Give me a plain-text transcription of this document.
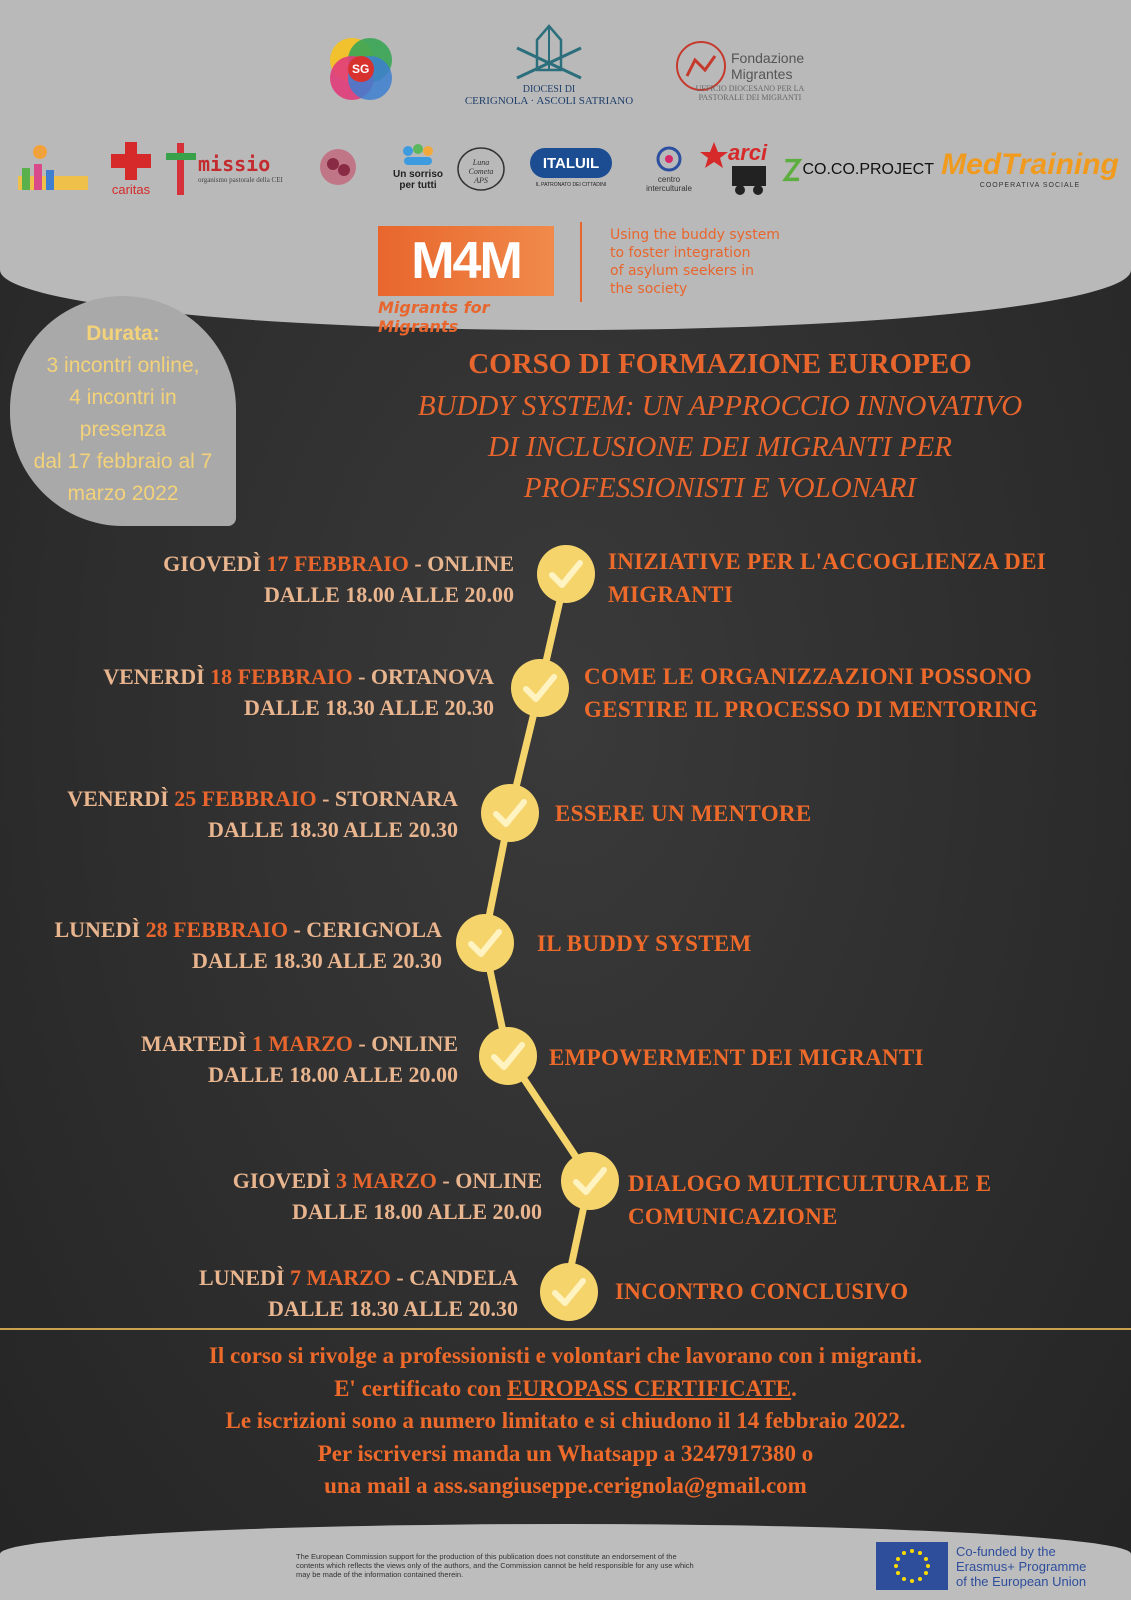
SG
DIOCESI DI
CERIGNOLA · ASCOLI SATRIANO
Fondazione
Migrantes
UFFICIO DIOCESANO PER LA
PASTORALE DEI MIGRANTI
caritas
missio
organismo pastorale della CEI	Un sorriso
per tutti
Luna Cometa APS
ITALUIL
IL PATRONATO DEI CITTADINI
centro interculturale
arci
CO.CO.PROJECT MedTraining
COOPERATIVA SOCIALE
M4M
Migrants for Migrants
Using the buddy system
to foster integration
of asylum seekers in
the society
Durata:
3 incontri online,
4 incontri in
presenza
dal 17 febbraio al 7
marzo 2022
CORSO DI FORMAZIONE EUROPEO
BUDDY SYSTEM: UN APPROCCIO INNOVATIVO
DI INCLUSIONE DEI MIGRANTI PER
PROFESSIONISTI E VOLONARI
GIOVEDÌ 17 FEBBRAIO - ONLINE
DALLE 18.00 ALLE 20.00
INIZIATIVE PER L'ACCOGLIENZA DEI
MIGRANTI
VENERDÌ 18 FEBBRAIO - ORTANOVA
DALLE 18.30 ALLE 20.30
COME LE ORGANIZZAZIONI POSSONO
GESTIRE IL PROCESSO DI MENTORING
VENERDÌ 25 FEBBRAIO - STORNARA
DALLE 18.30 ALLE 20.30
ESSERE UN MENTORE
LUNEDÌ 28 FEBBRAIO - CERIGNOLA
DALLE 18.30 ALLE 20.30
IL BUDDY SYSTEM
MARTEDÌ 1 MARZO - ONLINE
DALLE 18.00 ALLE 20.00
EMPOWERMENT DEI MIGRANTI
GIOVEDÌ 3 MARZO - ONLINE
DALLE 18.00 ALLE 20.00
DIALOGO MULTICULTURALE E
COMUNICAZIONE
LUNEDÌ 7 MARZO - CANDELA
DALLE 18.30 ALLE 20.30
INCONTRO CONCLUSIVO
Il corso si rivolge a professionisti e volontari che lavorano con i migranti.
E' certificato con EUROPASS CERTIFICATE.
Le iscrizioni sono a numero limitato e si chiudono il 14 febbraio 2022.
Per iscriversi manda un Whatsapp a 3247917380 o
una mail a ass.sangiuseppe.cerignola@gmail.com
The European Commission support for the production of this publication does not constitute an endorsement of the
contents which reflects the views only of the authors, and the Commission cannot be held responsible for any use which
may be made of the information contained therein.
Co-funded by the
Erasmus+ Programme
of the European Union
